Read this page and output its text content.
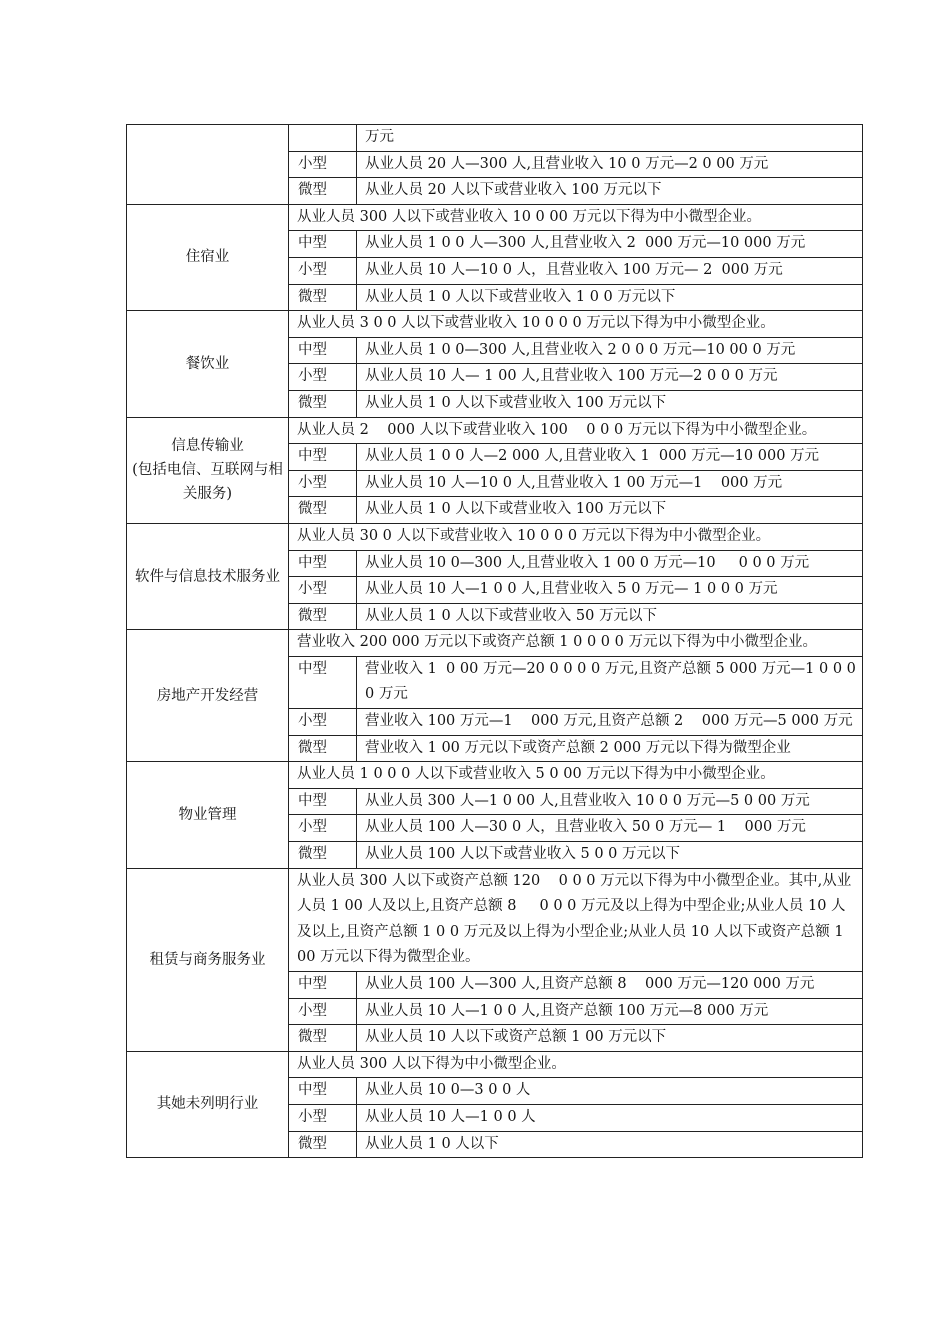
		万元
	小型	从业人员 20 人—300 人,且营业收入 10 0 万元—2 0 00 万元
	微型	从业人员 20 人以下或营业收入 100 万元以下
住宿业	从业人员 300 人以下或营业收入 10 0 00 万元以下得为中小微型企业。	
	中型	从业人员 1 0 0 人—300 人,且营业收入 2  000 万元—10 000 万元
	小型	从业人员 10 人—10 0 人，且营业收入 100 万元— 2  000 万元
	微型	从业人员 1 0 人以下或营业收入 1 0 0 万元以下
餐饮业	从业人员 3 0 0 人以下或营业收入 10 0 0 0 万元以下得为中小微型企业。	
	中型	从业人员 1 0 0—300 人,且营业收入 2 0 0 0 万元—10 00 0 万元
	小型	从业人员 10 人— 1 00 人,且营业收入 100 万元—2 0 0 0 万元
	微型	从业人员 1 0 人以下或营业收入 100 万元以下
信息传输业
(包括电信、互联网与相关服务)	从业人员 2    000 人以下或营业收入 100    0 0 0 万元以下得为中小微型企业。	
	中型	从业人员 1 0 0 人—2 000 人,且营业收入 1  000 万元—10 000 万元
	小型	从业人员 10 人—10 0 人,且营业收入 1 00 万元—1    000 万元
	微型	从业人员 1 0 人以下或营业收入 100 万元以下
软件与信息技术服务业	从业人员 30 0 人以下或营业收入 10 0 0 0 万元以下得为中小微型企业。	
	中型	从业人员 10 0—300 人,且营业收入 1 00 0 万元—10     0 0 0 万元
	小型	从业人员 10 人—1 0 0 人,且营业收入 5 0 万元— 1 0 0 0 万元
	微型	从业人员 1 0 人以下或营业收入 50 万元以下
房地产开发经营	营业收入 200 000 万元以下或资产总额 1 0 0 0 0 万元以下得为中小微型企业。	
	中型	营业收入 1  0 00 万元—20 0 0 0 0 万元,且资产总额 5 000 万元—1 0 0 0 0 万元
	小型	营业收入 100 万元—1    000 万元,且资产总额 2    000 万元—5 000 万元
	微型	营业收入 1 00 万元以下或资产总额 2 000 万元以下得为微型企业
物业管理	从业人员 1 0 0 0 人以下或营业收入 5 0 00 万元以下得为中小微型企业。	
	中型	从业人员 300 人—1 0 00 人,且营业收入 10 0 0 万元—5 0 00 万元
	小型	从业人员 100 人—30 0 人，且营业收入 50 0 万元— 1    000 万元
	微型	从业人员 100 人以下或营业收入 5 0 0 万元以下
租赁与商务服务业	从业人员 300 人以下或资产总额 120    0 0 0 万元以下得为中小微型企业。其中,从业人员 1 00 人及以上,且资产总额 8     0 0 0 万元及以上得为中型企业;从业人员 10 人及以上,且资产总额 1 0 0 万元及以上得为小型企业;从业人员 10 人以下或资产总额 1 00 万元以下得为微型企业。	
	中型	从业人员 100 人—300 人,且资产总额 8    000 万元—120 000 万元
	小型	从业人员 10 人—1 0 0 人,且资产总额 100 万元—8 000 万元
	微型	从业人员 10 人以下或资产总额 1 00 万元以下
其她未列明行业	从业人员 300 人以下得为中小微型企业。	
	中型	从业人员 10 0—3 0 0 人
	小型	从业人员 10 人—1 0 0 人
	微型	从业人员 1 0 人以下
